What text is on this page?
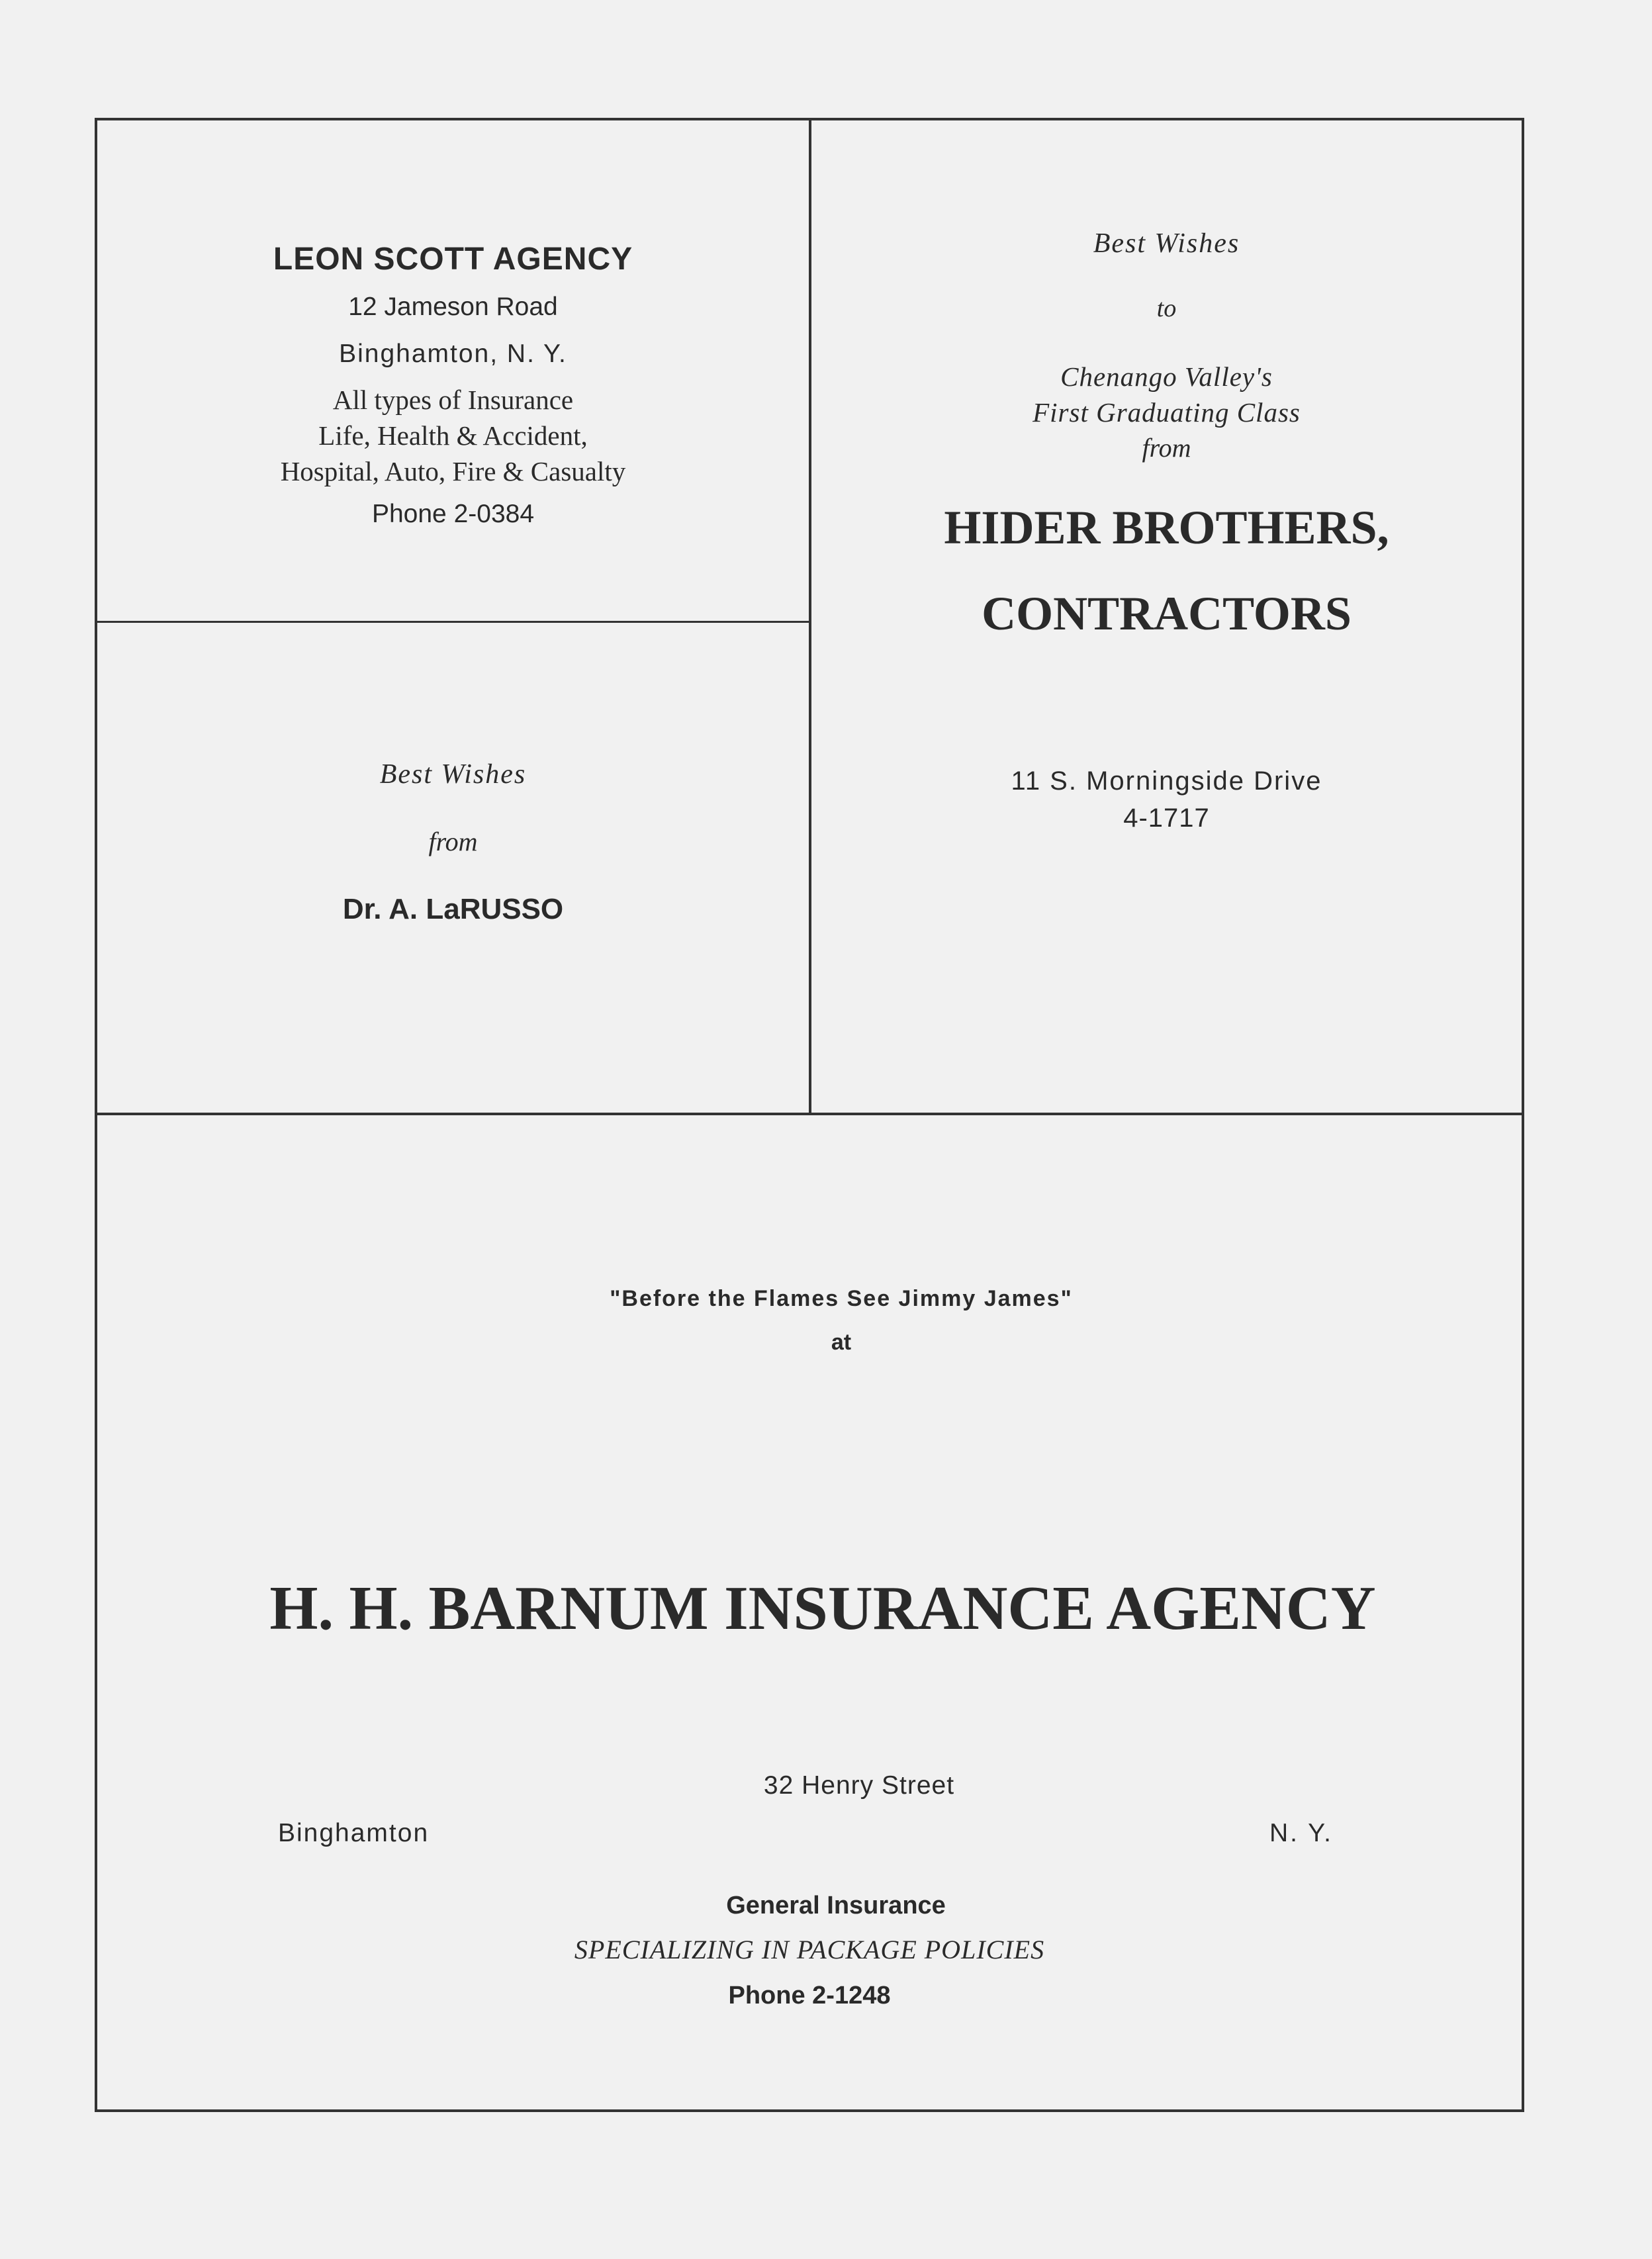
LEON SCOTT AGENCY
12 Jameson Road
Binghamton, N. Y.
All types of Insurance
Life, Health & Accident,
Hospital, Auto, Fire & Casualty
Phone 2-0384
Best Wishes
from
Dr. A. LaRUSSO
Best Wishes
to
Chenango Valley's
First Graduating Class
from
HIDER BROTHERS,
CONTRACTORS
11 S. Morningside Drive
4-1717
"Before the Flames See Jimmy James"
at
H. H. BARNUM INSURANCE AGENCY
32 Henry Street
Binghamton	N. Y.
General Insurance
SPECIALIZING IN PACKAGE POLICIES
Phone 2-1248
